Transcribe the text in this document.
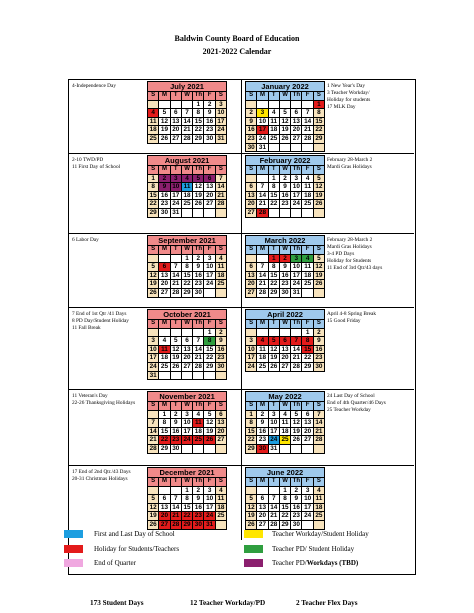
Baldwin County Board of Education
2021-2022 Calendar
4-Independence Day	July 2021						
S	M	T	W	Th	F	S
				1	2	3
4	5	6	7	8	9	10
11	12	13	14	15	16	17
18	19	20	21	22	23	24
25	26	27	28	29	30	31
1 New Year's Day
3 Teacher Workday/
Holiday for students
17 MLK Day
January 2022						
S	M	T	W	Th	F	S
						1
2	3	4	5	6	7	8
9	10	11	12	13	14	15
16	17	18	19	20	21	22
23	24	25	26	27	28	29
30	31					
2-10 TWD/PD
11 First Day of School
August 2021						
S	M	T	W	Th	F	S
1	2	3	4	5	6	7
8	9	10	11	12	13	14
15	16	17	18	19	20	21
22	23	24	25	26	27	28
29	30	31				
February 28-March 2
Mardi Gras Holidays
February 2022						
S	M	T	W	Th	F	S
		1	2	3	4	5
6	7	8	9	10	11	12
13	14	15	16	17	18	19
20	21	22	23	24	25	26
27	28					
6 Labor Day	September 2021						
S	M	T	W	Th	F	S
			1	2	3	4
5	6	7	8	9	10	11
12	13	14	15	16	17	18
19	20	21	22	23	24	25
26	27	28	29	30		
February 28-March 2
Mardi Gras Holidays
3-4 PD Days
Holiday for Students
11 End of 3rd Qtr/43 days
March 2022						
S	M	T	W	Th	F	S
		1	2	3	4	5
6	7	8	9	10	11	12
13	14	15	16	17	18	19
20	21	22	23	24	25	26
27	28	29	30	31		
7 End of 1st Qtr /41 Days
8 PD Day/Student Holiday
11 Fall Break
October 2021						
S	M	T	W	Th	F	S
					1	2
3	4	5	6	7	8	9
10	11	12	13	14	15	16
17	18	19	20	21	22	23
24	25	26	27	28	29	30
31						
April 4-8 Spring Break
15 Good Friday
April 2022						
S	M	T	W	Th	F	S
					1	2
3	4	5	6	7	8	9
10	11	12	13	14	15	16
17	18	19	20	21	22	23
24	25	26	27	28	29	30
11 Veteran's Day
22-26 Thanksgiving Holidays
November 2021						
S	M	T	W	Th	F	S
	1	2	3	4	5	6
7	8	9	10	11	12	13
14	15	16	17	18	19	20
21	22	23	24	25	26	27
28	29	30				
24 Last Day of School
End of 4th Quarter/46 Days
25 Teacher Workday
May 2022						
S	M	T	W	Th	F	S
1	2	3	4	5	6	7
8	9	10	11	12	13	14
15	16	17	18	19	20	21
22	23	24	25	26	27	28
29	30	31				
17 End of 2nd Qtr./43 Days
20-31 Christmas Holidays
December 2021						
S	M	T	W	Th	F	S
			1	2	3	4
5	6	7	8	9	10	11
12	13	14	15	16	17	18
19	20	21	22	23	24	25
26	27	28	29	30	31	
June 2022						
S	M	T	W	Th	F	S
			1	2	3	4
5	6	7	8	9	10	11
12	13	14	15	16	17	18
19	20	21	22	23	24	25
26	27	28	29	30		
First and Last Day of School
Holiday for Students/Teachers
End of Quarter
Teacher Workday/Student Holiday
Teacher PD/ Student Holiday
Teacher PD/Workdays (TBD)
173 Student Days	12 Teacher Workday/PD	2 Teacher Flex Days
